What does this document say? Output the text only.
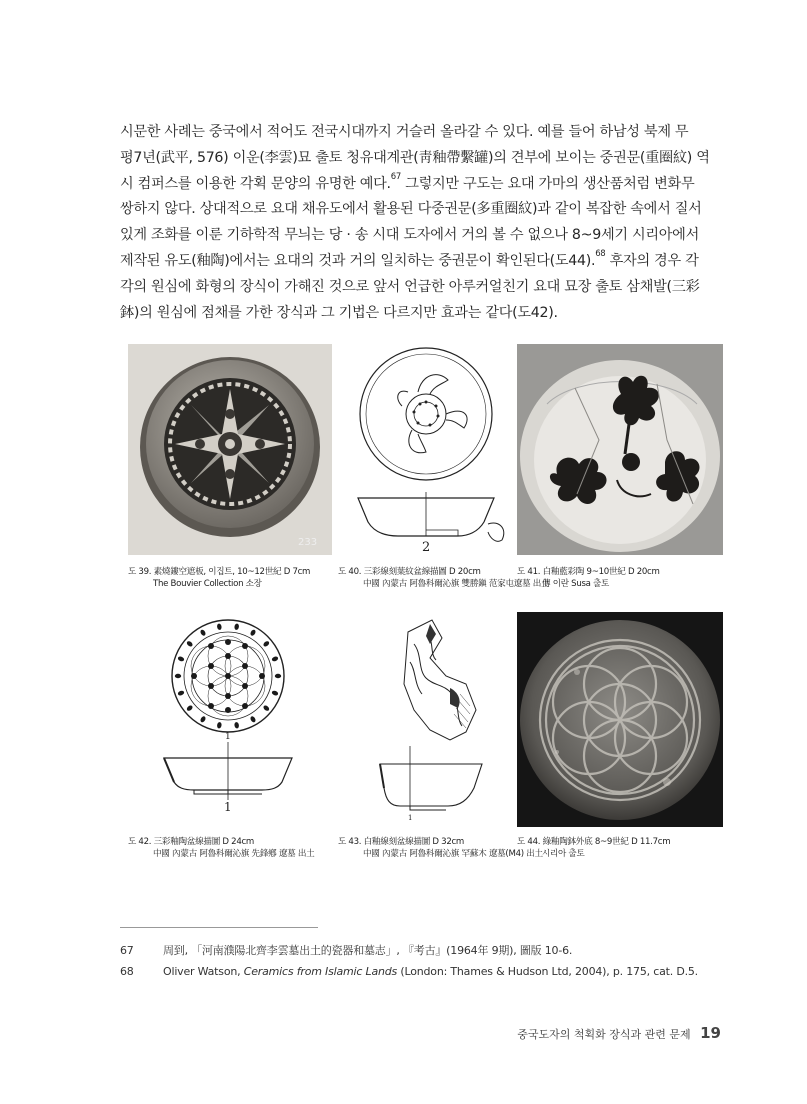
시문한 사례는 중국에서 적어도 전국시대까지 거슬러 올라갈 수 있다. 예를 들어 하남성 북제 무
평7년(武平, 576) 이운(李雲)묘 출토 청유대계관(靑釉帶繫罐)의 견부에 보이는 중권문(重圈紋) 역
시 컴퍼스를 이용한 각획 문양의 유명한 예다.$^{67}$ 그렇지만 구도는 요대 가마의 생산품처럼 변화무
쌍하지 않다. 상대적으로 요대 채유도에서 활용된 다중권문(多重圈紋)과 같이 복잡한 속에서 질서
있게 조화를 이룬 기하학적 무늬는 당 · 송 시대 도자에서 거의 볼 수 없으나 8~9세기 시리아에서
제작된 유도(釉陶)에서는 요대의 것과 거의 일치하는 중권문이 확인된다(도44).$^{68}$ 후자의 경우 각
각의 원심에 화형의 장식이 가해진 것으로 앞서 언급한 아루커얼친기 요대 묘장 출토 삼채발(三彩
鉢)의 원심에 점채를 가한 장식과 그 기법은 다르지만 효과는 같다(도42).
233
도 39. 素燒鏤空遮板, 이집트, 10~12世紀 D 7cm
The Bouvier Collection 소장
2
도 40. 三彩線刻葉紋盆線描圖 D 20cm
中國 內蒙古 阿魯科爾沁旗 雙勝鎭 范家屯遼墓 出土
도 41. 白釉藍彩陶 9~10世紀 D 20cm
傳 이란 Susa 출토
1
1
도 42. 三彩釉陶盆線描圖 D 24cm
中國 內蒙古 阿魯科爾沁旗 先鋒鄕 遼墓 出土
1
도 43. 白釉線刻盆線描圖 D 32cm
中國 內蒙古 阿魯科爾沁旗 罕蘇木 遼墓(M4) 出土
도 44. 綠釉陶鉢外底 8~9世紀 D 11.7cm
시리아 출토
67	周到, 「河南濮陽北齊李雲墓出土的瓷器和墓志」, 『考古』(1964年 9期), 圖版 10-6.
68	Oliver Watson, Ceramics from Islamic Lands (London: Thames & Hudson Ltd, 2004), p. 175, cat. D.5.
중국도자의 척획화 장식과 관련 문제 19
